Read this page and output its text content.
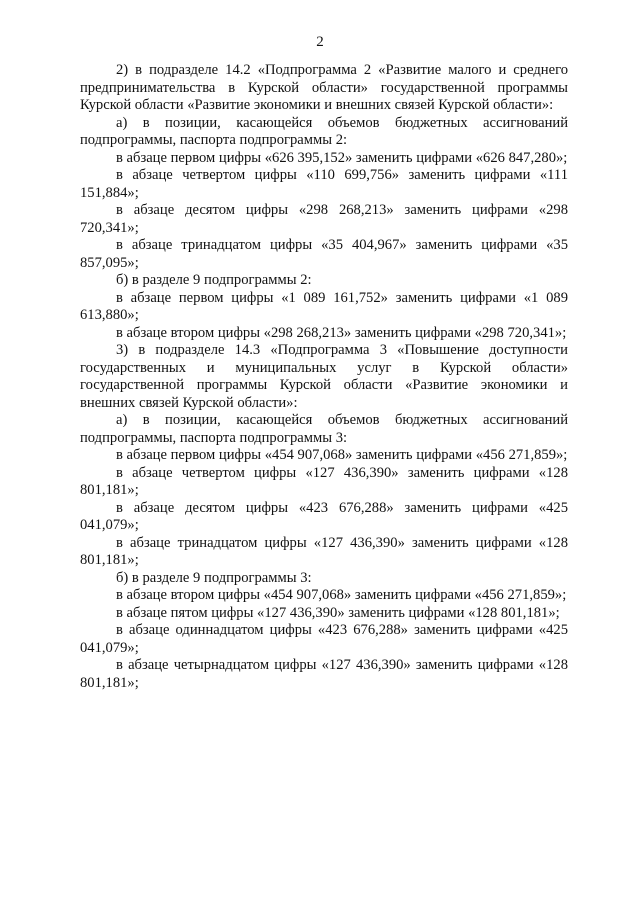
2

2) в подразделе 14.2 «Подпрограмма 2 «Развитие малого и среднего предпринимательства в Курской области» государственной программы Курской области «Развитие экономики и внешних связей Курской области»:

а) в позиции, касающейся объемов бюджетных ассигнований подпрограммы, паспорта подпрограммы 2:

в абзаце первом цифры «626 395,152» заменить цифрами «626 847,280»;

в абзаце четвертом цифры «110 699,756» заменить цифрами «111 151,884»;

в абзаце десятом цифры «298 268,213» заменить цифрами «298 720,341»;

в абзаце тринадцатом цифры «35 404,967» заменить цифрами «35 857,095»;

б) в разделе 9 подпрограммы 2:

в абзаце первом цифры «1 089 161,752» заменить цифрами «1 089 613,880»;

в абзаце втором цифры «298 268,213» заменить цифрами «298 720,341»;

3) в подразделе 14.3 «Подпрограмма 3 «Повышение доступности государственных и муниципальных услуг в Курской области» государственной программы Курской области «Развитие экономики и внешних связей Курской области»:

а) в позиции, касающейся объемов бюджетных ассигнований подпрограммы, паспорта подпрограммы 3:

в абзаце первом цифры «454 907,068» заменить цифрами «456 271,859»;

в абзаце четвертом цифры «127 436,390» заменить цифрами «128 801,181»;

в абзаце десятом цифры «423 676,288» заменить цифрами «425 041,079»;

в абзаце тринадцатом цифры «127 436,390» заменить цифрами «128 801,181»;

б) в разделе 9 подпрограммы 3:

в абзаце втором цифры «454 907,068» заменить цифрами «456 271,859»;

в абзаце пятом цифры «127 436,390» заменить цифрами «128 801,181»;

в абзаце одиннадцатом цифры «423 676,288» заменить цифрами «425 041,079»;

в абзаце четырнадцатом цифры «127 436,390» заменить цифрами «128 801,181»;
